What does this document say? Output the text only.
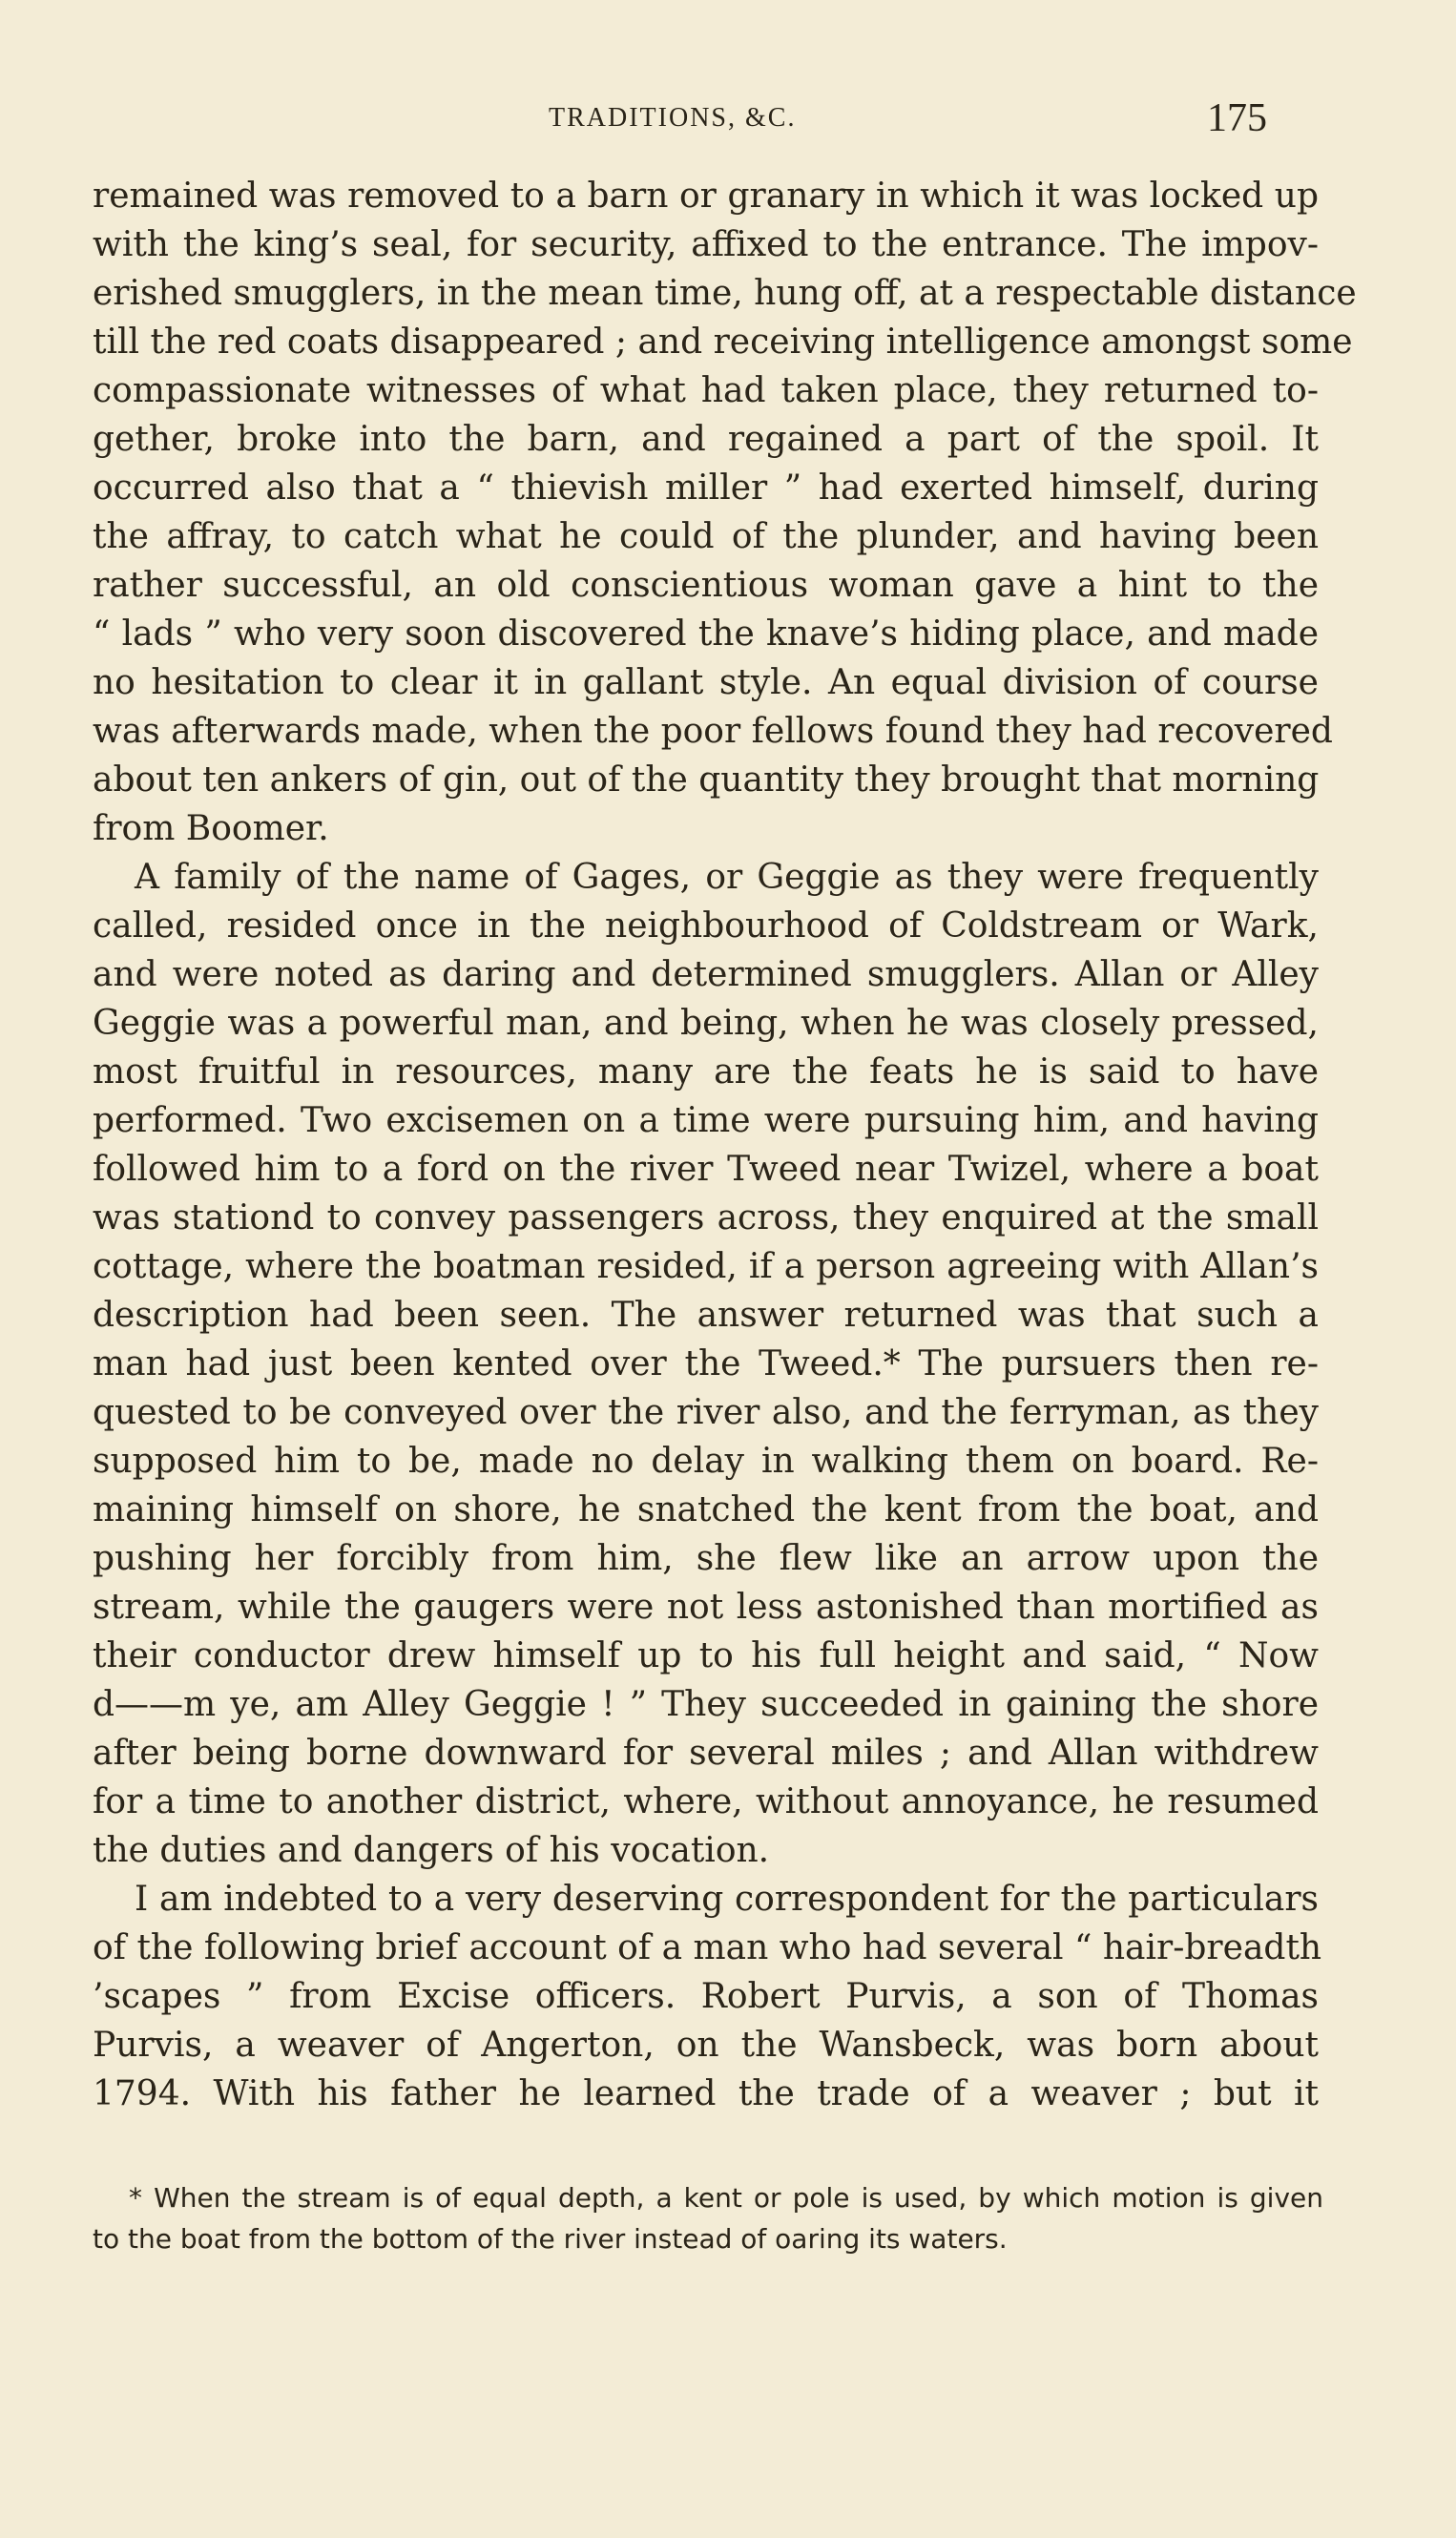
TRADITIONS, &C.	175
remained was removed to a barn or granary in which it was locked up
with the king’s seal, for security, affixed to the entrance. The impov-
erished smugglers, in the mean time, hung off, at a respectable distance
till the red coats disappeared ; and receiving intelligence amongst some
compassionate witnesses of what had taken place, they returned to-
gether, broke into the barn, and regained a part of the spoil. It
occurred also that a “ thievish miller ” had exerted himself, during
the affray, to catch what he could of the plunder, and having been
rather successful, an old conscientious woman gave a hint to the
“ lads ” who very soon discovered the knave’s hiding place, and made
no hesitation to clear it in gallant style. An equal division of course
was afterwards made, when the poor fellows found they had recovered
about ten ankers of gin, out of the quantity they brought that morning
from Boomer.
A family of the name of Gages, or Geggie as they were frequently
called, resided once in the neighbourhood of Coldstream or Wark,
and were noted as daring and determined smugglers. Allan or Alley
Geggie was a powerful man, and being, when he was closely pressed,
most fruitful in resources, many are the feats he is said to have
performed. Two excisemen on a time were pursuing him, and having
followed him to a ford on the river Tweed near Twizel, where a boat
was stationd to convey passengers across, they enquired at the small
cottage, where the boatman resided, if a person agreeing with Allan’s
description had been seen. The answer returned was that such a
man had just been kented over the Tweed.* The pursuers then re-
quested to be conveyed over the river also, and the ferryman, as they
supposed him to be, made no delay in walking them on board. Re-
maining himself on shore, he snatched the kent from the boat, and
pushing her forcibly from him, she flew like an arrow upon the
stream, while the gaugers were not less astonished than mortified as
their conductor drew himself up to his full height and said, “ Now
d——m ye, am Alley Geggie ! ” They succeeded in gaining the shore
after being borne downward for several miles ; and Allan withdrew
for a time to another district, where, without annoyance, he resumed
the duties and dangers of his vocation.
I am indebted to a very deserving correspondent for the particulars
of the following brief account of a man who had several “ hair-breadth
’scapes ” from Excise officers. Robert Purvis, a son of Thomas
Purvis, a weaver of Angerton, on the Wansbeck, was born about
1794. With his father he learned the trade of a weaver ; but it
* When the stream is of equal depth, a kent or pole is used, by which motion is given
to the boat from the bottom of the river instead of oaring its waters.
